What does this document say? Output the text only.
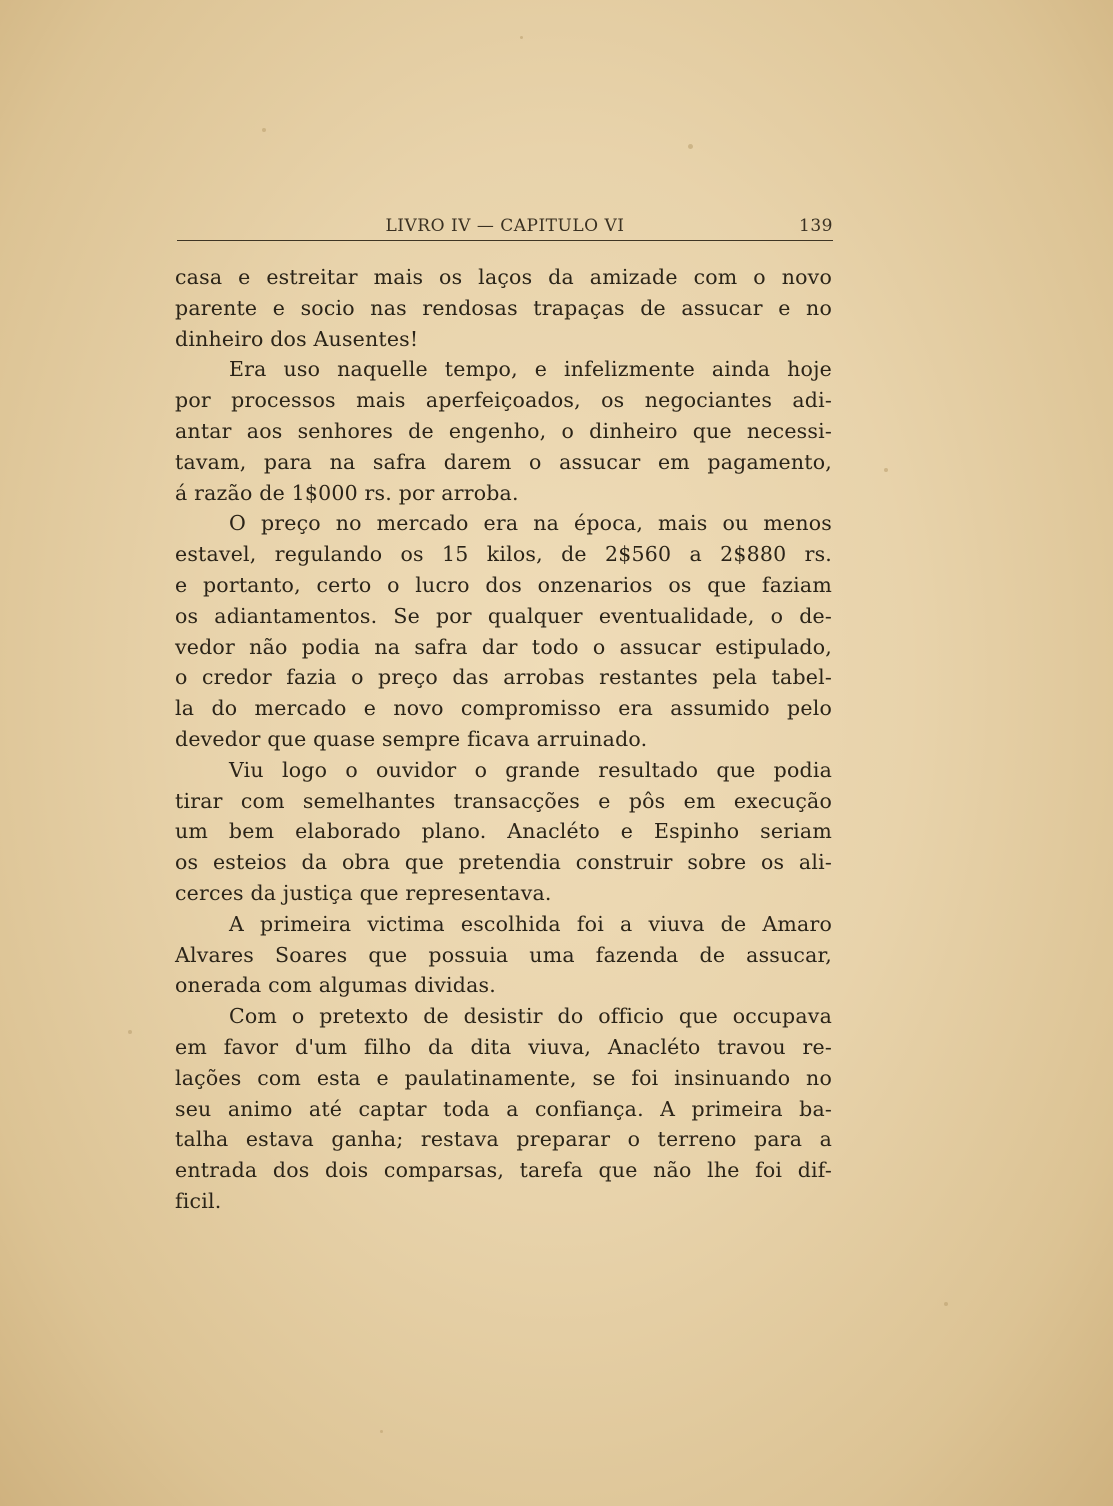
LIVRO IV — CAPITULO VI	139
casa e estreitar mais os laços da amizade com o novo
parente e socio nas rendosas trapaças de assucar e no
dinheiro dos Ausentes!
Era uso naquelle tempo, e infelizmente ainda hoje
por processos mais aperfeiçoados, os negociantes adi-
antar aos senhores de engenho, o dinheiro que necessi-
tavam, para na safra darem o assucar em pagamento,
á razão de 1$000 rs. por arroba.
O preço no mercado era na época, mais ou menos
estavel, regulando os 15 kilos, de 2$560 a 2$880 rs.
e portanto, certo o lucro dos onzenarios os que faziam
os adiantamentos. Se por qualquer eventualidade, o de-
vedor não podia na safra dar todo o assucar estipulado,
o credor fazia o preço das arrobas restantes pela tabel-
la do mercado e novo compromisso era assumido pelo
devedor que quase sempre ficava arruinado.
Viu logo o ouvidor o grande resultado que podia
tirar com semelhantes transacções e pôs em execução
um bem elaborado plano. Anacléto e Espinho seriam
os esteios da obra que pretendia construir sobre os ali-
cerces da justiça que representava.
A primeira victima escolhida foi a viuva de Amaro
Alvares Soares que possuia uma fazenda de assucar,
onerada com algumas dividas.
Com o pretexto de desistir do officio que occupava
em favor d'um filho da dita viuva, Anacléto travou re-
lações com esta e paulatinamente, se foi insinuando no
seu animo até captar toda a confiança. A primeira ba-
talha estava ganha; restava preparar o terreno para a
entrada dos dois comparsas, tarefa que não lhe foi dif-
ficil.
